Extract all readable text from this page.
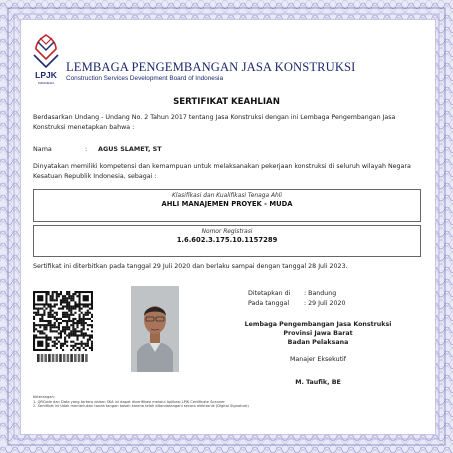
LPJK
INDONESIA
LEMBAGA PENGEMBANGAN JASA KONSTRUKSI
Construction Services Development Board of Indonesia
SERTIFIKAT KEAHLIAN
Berdasarkan Undang - Undang No. 2 Tahun 2017 tentang Jasa Konstruksi dengan ini Lembaga Pengembangan Jasa Konstruksi menetapkan bahwa :
Nama	: AGUS SLAMET, ST
Dinyatakan memiliki kompetensi dan kemampuan untuk melaksanakan pekerjaan konstruksi di seluruh wilayah Negara Kesatuan Republik Indonesia, sebagai :
Klasifikasi dan Kualifikasi Tenaga Ahli
AHLI MANAJEMEN PROYEK - MUDA
Nomor Registrasi
1.6.602.3.175.10.1157289
Sertifikat ini diterbitkan pada tanggal 29 Juli 2020 dan berlaku sampai dengan tanggal 28 Juli 2023.
Ditetapkan di : Bandung
Pada tanggal : 29 Juli 2020
Lembaga Pengembangan Jasa Konstruksi
Provinsi Jawa Barat
Badan Pelaksana
Manajer Eksekutif
M. Taufik, BE
Keterangan:
1. QRCode dan Data yang tertera dalam SKA ini dapat diverifikasi melalui Aplikasi LPJK Certificate Scanner
2. Sertifikat ini tidak memerlukan tanda tangan basah karena telah ditandatangani secara elektronik (Digital Signature)
